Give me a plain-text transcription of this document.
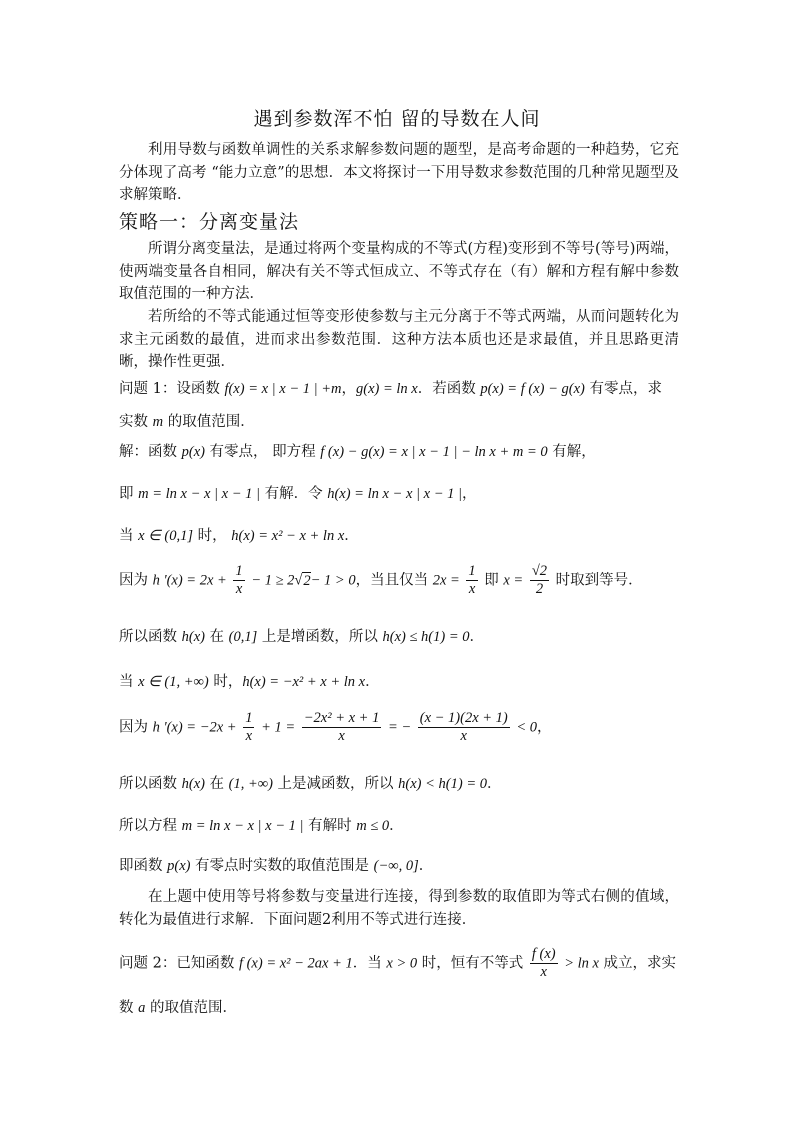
遇到参数浑不怕 留的导数在人间

利用导数与函数单调性的关系求解参数问题的题型，是高考命题的一种趋势，它充分体现了高考 “能力立意”的思想．本文将探讨一下用导数求参数范围的几种常见题型及求解策略．

策略一：分离变量法

所谓分离变量法，是通过将两个变量构成的不等式(方程)变形到不等号(等号)两端，使两端变量各自相同，解决有关不等式恒成立、不等式存在（有）解和方程有解中参数取值范围的一种方法．

若所给的不等式能通过恒等变形使参数与主元分离于不等式两端，从而问题转化为求主元函数的最值，进而求出参数范围．这种方法本质也还是求最值，并且思路更清晰，操作性更强．

问题 1：设函数 f(x) = x | x − 1 | +m，g(x) = ln x．若函数 p(x) = f (x) − g(x) 有零点，求

实数 m 的取值范围．

解：函数 p(x) 有零点， 即方程 f (x) − g(x) = x | x − 1 | − ln x + m = 0 有解，

即 m = ln x − x | x − 1 | 有解．令 h(x) = ln x − x | x − 1 |，

当 x ∈ (0,1] 时， h(x) = x² − x + ln x．

因为 h '$(x) = 2x + \frac{1}{x} - 1 \ge 2√2- 1 > 0$，当且仅当 $2x = \frac{1}{x}$ 即 $x = \frac{√2}{2}$ 时取到等号．

所以函数 h(x) 在 (0,1] 上是增函数，所以 h(x) ≤ h(1) = 0．

当 x ∈ (1, +∞) 时，h(x) = −x² + x + ln x．

因为 h '$(x) = -2x + \frac{1}{x} + 1 = \frac{\text{−2x² + x + 1}}{x}$ = − $\frac{(x - 1)(2x + 1)}{x} < 0$，

所以函数 h(x) 在 (1, +∞) 上是减函数，所以 h(x) < h(1) = 0．

所以方程 m = ln x − x | x − 1 | 有解时 m ≤ 0．

即函数 p(x) 有零点时实数的取值范围是 (−∞, 0]．

在上题中使用等号将参数与变量进行连接，得到参数的取值即为等式右侧的值域，转化为最值进行求解．下面问题2利用不等式进行连接．

问题 2：已知函数 f (x) = x² − 2ax + 1．当 x > 0 时，恒有不等式 $\frac{f (x)}{x} > \ln x$ 成立，求实

数 a 的取值范围．
